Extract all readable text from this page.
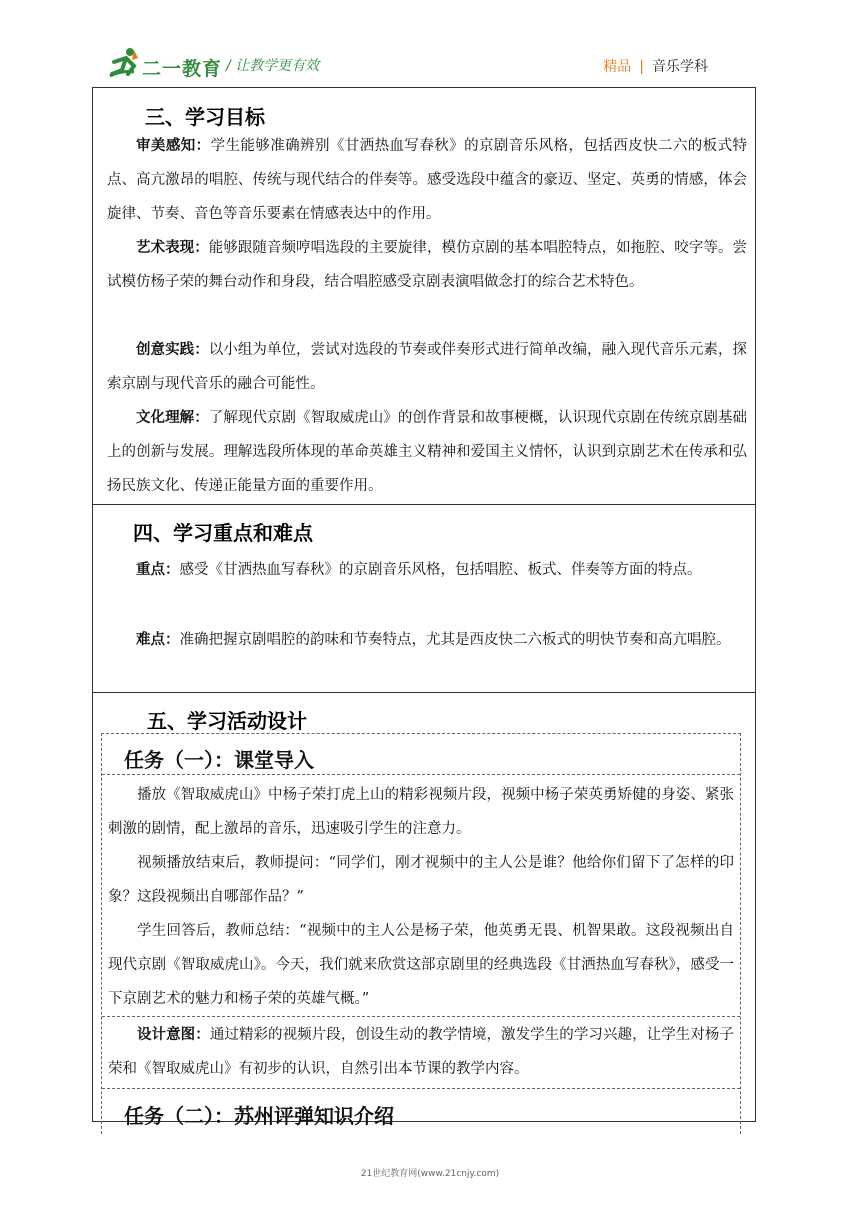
二一教育 / 让教学更有效	精品 | 音乐学科
三、学习目标

审美感知：学生能够准确辨别《甘洒热血写春秋》的京剧音乐风格，包括西皮快二六的板式特点、高亢激昂的唱腔、传统与现代结合的伴奏等。感受选段中蕴含的豪迈、坚定、英勇的情感，体会旋律、节奏、音色等音乐要素在情感表达中的作用。

艺术表现：能够跟随音频哼唱选段的主要旋律，模仿京剧的基本唱腔特点，如拖腔、咬字等。尝试模仿杨子荣的舞台动作和身段，结合唱腔感受京剧表演唱做念打的综合艺术特色。

创意实践：以小组为单位，尝试对选段的节奏或伴奏形式进行简单改编，融入现代音乐元素，探索京剧与现代音乐的融合可能性。

文化理解：了解现代京剧《智取威虎山》的创作背景和故事梗概，认识现代京剧在传统京剧基础上的创新与发展。理解选段所体现的革命英雄主义精神和爱国主义情怀，认识到京剧艺术在传承和弘扬民族文化、传递正能量方面的重要作用。

四、学习重点和难点

重点：感受《甘洒热血写春秋》的京剧音乐风格，包括唱腔、板式、伴奏等方面的特点。

难点：准确把握京剧唱腔的韵味和节奏特点，尤其是西皮快二六板式的明快节奏和高亢唱腔。

五、学习活动设计
任务（一）：课堂导入

播放《智取威虎山》中杨子荣打虎上山的精彩视频片段，视频中杨子荣英勇矫健的身姿、紧张刺激的剧情，配上激昂的音乐，迅速吸引学生的注意力。

视频播放结束后，教师提问：“同学们，刚才视频中的主人公是谁？他给你们留下了怎样的印象？这段视频出自哪部作品？”

学生回答后，教师总结：“视频中的主人公是杨子荣，他英勇无畏、机智果敢。这段视频出自现代京剧《智取威虎山》。今天，我们就来欣赏这部京剧里的经典选段《甘洒热血写春秋》，感受一下京剧艺术的魅力和杨子荣的英雄气概。”

设计意图：通过精彩的视频片段，创设生动的教学情境，激发学生的学习兴趣，让学生对杨子荣和《智取威虎山》有初步的认识，自然引出本节课的教学内容。

任务（二）：苏州评弹知识介绍
21世纪教育网(www.21cnjy.com)
